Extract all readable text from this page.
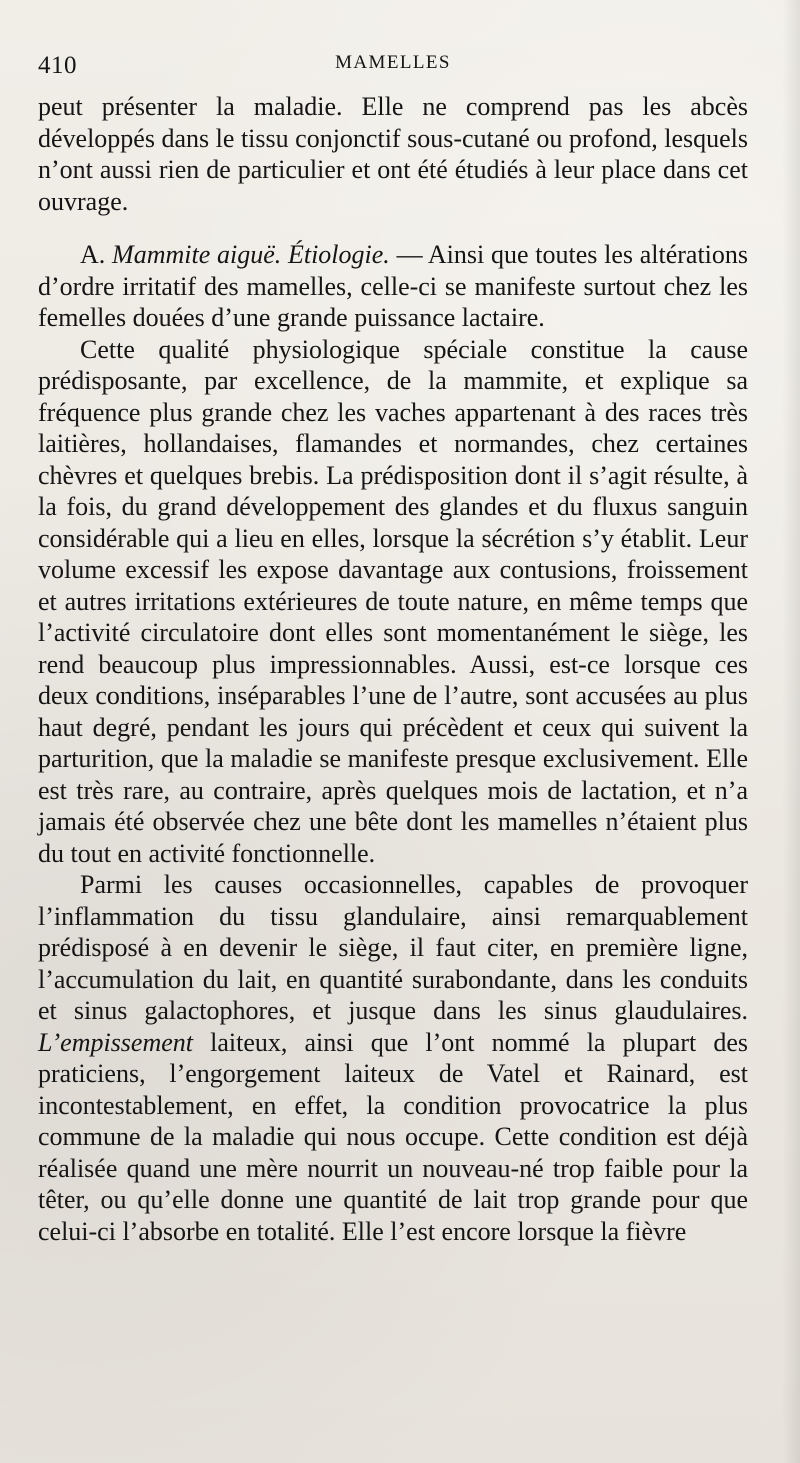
410	MAMELLES

peut présenter la maladie. Elle ne comprend pas les abcès développés dans le tissu conjonctif sous-cutané ou profond, lesquels n’ont aussi rien de particulier et ont été étudiés à leur place dans cet ouvrage.

A. Mammite aiguë. Étiologie. — Ainsi que toutes les altérations d’ordre irritatif des mamelles, celle-ci se manifeste surtout chez les femelles douées d’une grande puissance lactaire.

Cette qualité physiologique spéciale constitue la cause prédisposante, par excellence, de la mammite, et explique sa fréquence plus grande chez les vaches appartenant à des races très laitières, hollandaises, flamandes et normandes, chez certaines chèvres et quelques brebis. La prédisposition dont il s’agit résulte, à la fois, du grand développement des glandes et du fluxus sanguin considérable qui a lieu en elles, lorsque la sécrétion s’y établit. Leur volume excessif les expose davantage aux contusions, froissement et autres irritations extérieures de toute nature, en même temps que l’activité circulatoire dont elles sont momentanément le siège, les rend beaucoup plus impressionnables. Aussi, est-ce lorsque ces deux conditions, inséparables l’une de l’autre, sont accusées au plus haut degré, pendant les jours qui précèdent et ceux qui suivent la parturition, que la maladie se manifeste presque exclusivement. Elle est très rare, au contraire, après quelques mois de lactation, et n’a jamais été observée chez une bête dont les mamelles n’étaient plus du tout en activité fonctionnelle.

Parmi les causes occasionnelles, capables de provoquer l’inflammation du tissu glandulaire, ainsi remarquablement prédisposé à en devenir le siège, il faut citer, en première ligne, l’accumulation du lait, en quantité surabondante, dans les conduits et sinus galactophores, et jusque dans les sinus glaudulaires. L’empissement laiteux, ainsi que l’ont nommé la plupart des praticiens, l’engorgement laiteux de Vatel et Rainard, est incontestablement, en effet, la condition provocatrice la plus commune de la maladie qui nous occupe. Cette condition est déjà réalisée quand une mère nourrit un nouveau-né trop faible pour la têter, ou qu’elle donne une quantité de lait trop grande pour que celui-ci l’absorbe en totalité. Elle l’est encore lorsque la fièvre
